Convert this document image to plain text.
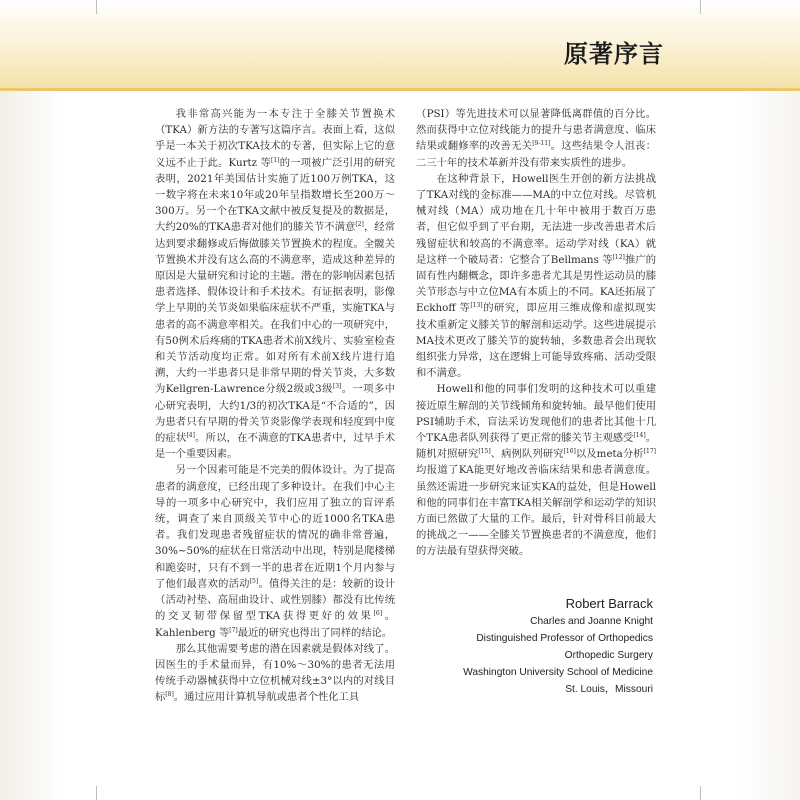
原著序言

我非常高兴能为一本专注于全膝关节置换术（TKA）新方法的专著写这篇序言。表面上看，这似乎是一本关于初次TKA技术的专著，但实际上它的意义远不止于此。Kurtz 等[1]的一项被广泛引用的研究表明，2021年美国估计实施了近100万例TKA，这一数字将在未来10年或20年呈指数增长至200万～300万。另一个在TKA文献中被反复提及的数据是，大约20%的TKA患者对他们的膝关节不满意[2]，经常达到要求翻修或后悔做膝关节置换术的程度。全髋关节置换术并没有这么高的不满意率，造成这种差异的原因是大量研究和讨论的主题。潜在的影响因素包括患者选择、假体设计和手术技术。有证据表明，影像学上早期的关节炎如果临床症状不严重，实施TKA与患者的高不满意率相关。在我们中心的一项研究中，有50例术后疼痛的TKA患者术前X线片、实验室检查和关节活动度均正常。如对所有术前X线片进行追溯，大约一半患者只是非常早期的骨关节炎，大多数为Kellgren-Lawrence分级2级或3级[3]。一项多中心研究表明，大约1/3的初次TKA是“不合适的”，因为患者只有早期的骨关节炎影像学表现和轻度到中度的症状[4]。所以，在不满意的TKA患者中，过早手术是一个重要因素。

另一个因素可能是不完美的假体设计。为了提高患者的满意度，已经出现了多种设计。在我们中心主导的一项多中心研究中，我们应用了独立的盲评系统，调查了来自顶级关节中心的近1000名TKA患者。我们发现患者残留症状的情况的确非常普遍，30%~50%的症状在日常活动中出现，特别是爬楼梯和跪姿时，只有不到一半的患者在近期1个月内参与了他们最喜欢的活动[5]。值得关注的是：较新的设计（活动衬垫、高屈曲设计、或性别膝）都没有比传统的交叉韧带保留型TKA获得更好的效果[6]。Kahlenberg 等[7]最近的研究也得出了同样的结论。

那么其他需要考虑的潜在因素就是假体对线了。因医生的手术量而异，有10%～30%的患者无法用传统手动器械获得中立位机械对线±3°以内的对线目标[8]。通过应用计算机导航或患者个性化工具

（PSI）等先进技术可以显著降低离群值的百分比。然而获得中立位对线能力的提升与患者满意度、临床结果或翻修率的改善无关[9-11]。这些结果令人沮丧：二三十年的技术革新并没有带来实质性的进步。

在这种背景下，Howell医生开创的新方法挑战了TKA对线的金标准——MA的中立位对线。尽管机械对线（MA）成功地在几十年中被用于数百万患者，但它似乎到了平台期，无法进一步改善患者术后残留症状和较高的不满意率。运动学对线（KA）就是这样一个破局者：它整合了Bellmans 等[12]推广的固有性内翻概念，即许多患者尤其是男性运动员的膝关节形态与中立位MA有本质上的不同。KA还拓展了Eckhoff 等[13]的研究，即应用三维成像和虚拟现实技术重新定义膝关节的解剖和运动学。这些进展提示MA技术更改了膝关节的旋转轴，多数患者会出现软组织张力异常，这在逻辑上可能导致疼痛、活动受限和不满意。

Howell和他的同事们发明的这种技术可以重建接近原生解剖的关节线倾角和旋转轴。最早他们使用PSI辅助手术，盲法采访发现他们的患者比其他十几个TKA患者队列获得了更正常的膝关节主观感受[14]。随机对照研究[15]、病例队列研究[16]以及meta分析[17]均报道了KA能更好地改善临床结果和患者满意度。虽然还需进一步研究来证实KA的益处，但是Howell和他的同事们在丰富TKA相关解剖学和运动学的知识方面已然做了大量的工作。最后，针对骨科目前最大的挑战之一——全膝关节置换患者的不满意度，他们的方法最有望获得突破。

Robert Barrack
Charles and Joanne Knight
Distinguished Professor of Orthopedics
Orthopedic Surgery
Washington University School of Medicine
St. Louis，Missouri
